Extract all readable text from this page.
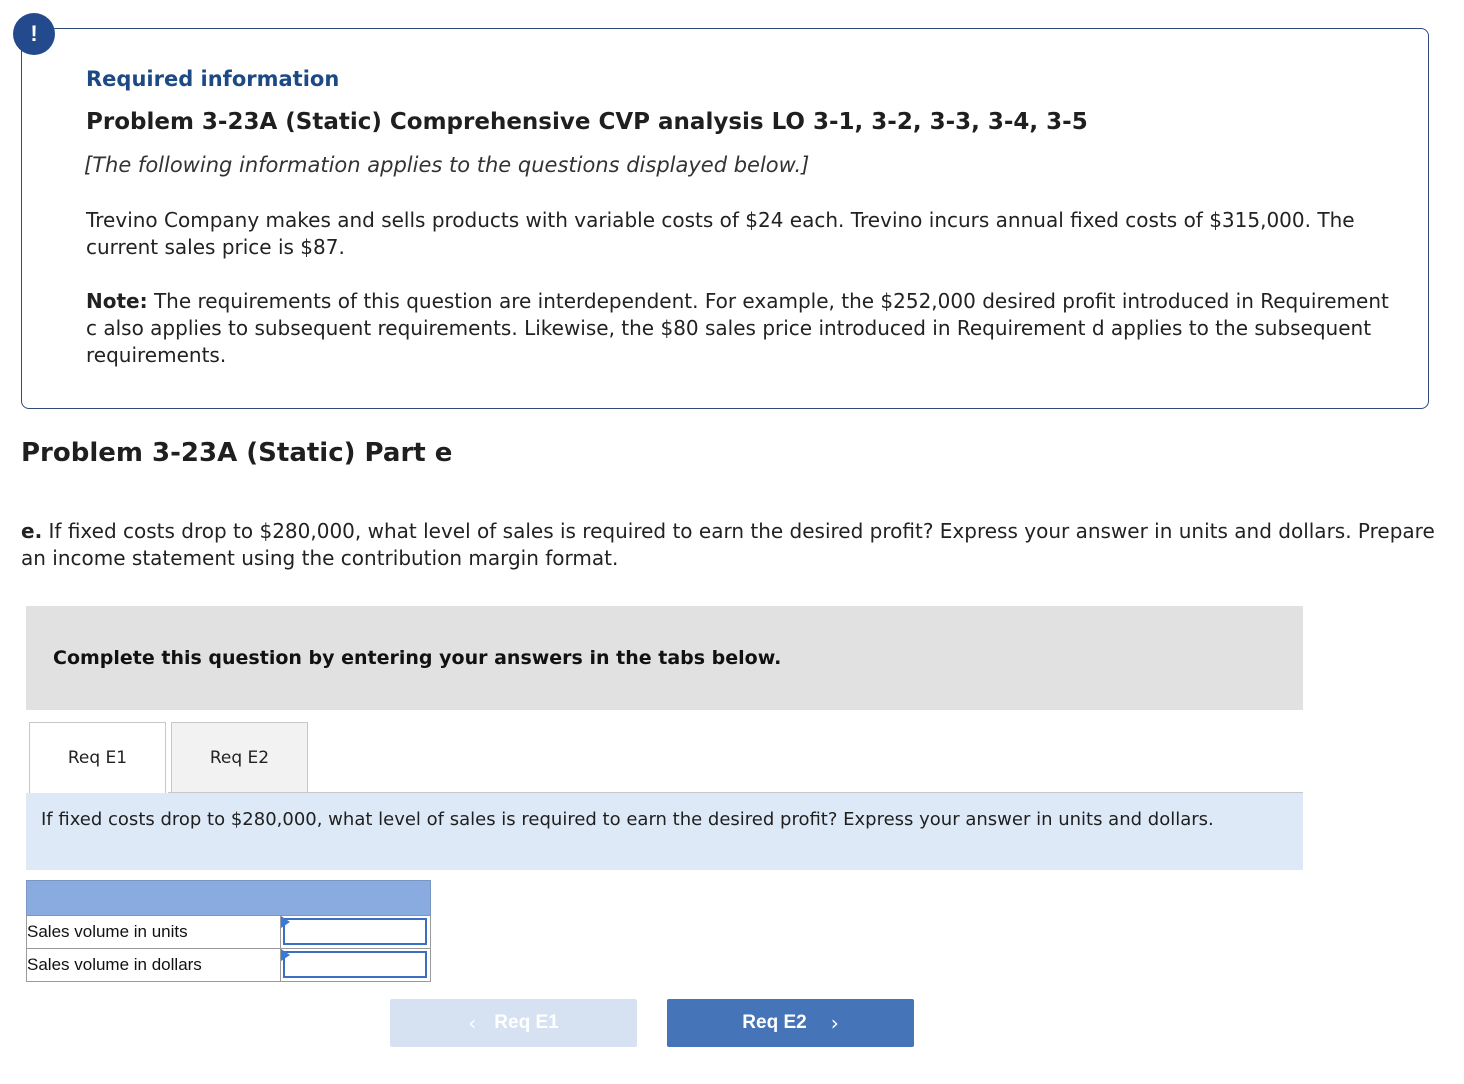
!
Required information
Problem 3-23A (Static) Comprehensive CVP analysis LO 3-1, 3-2, 3-3, 3-4, 3-5

[The following information applies to the questions displayed below.]

Trevino Company makes and sells products with variable costs of $24 each. Trevino incurs annual fixed costs of $315,000. The current sales price is $87.

Note: The requirements of this question are interdependent. For example, the $252,000 desired profit introduced in Requirement c also applies to subsequent requirements. Likewise, the $80 sales price introduced in Requirement d applies to the subsequent requirements.

Problem 3-23A (Static) Part e

e. If fixed costs drop to $280,000, what level of sales is required to earn the desired profit? Express your answer in units and dollars. Prepare an income statement using the contribution margin format.

Complete this question by entering your answers in the tabs below.
Req E1	Req E2

If fixed costs drop to $280,000, what level of sales is required to earn the desired profit? Express your answer in units and dollars.

Sales volume in units	

Sales volume in dollars	
‹ Req E1	Req E2 ›
